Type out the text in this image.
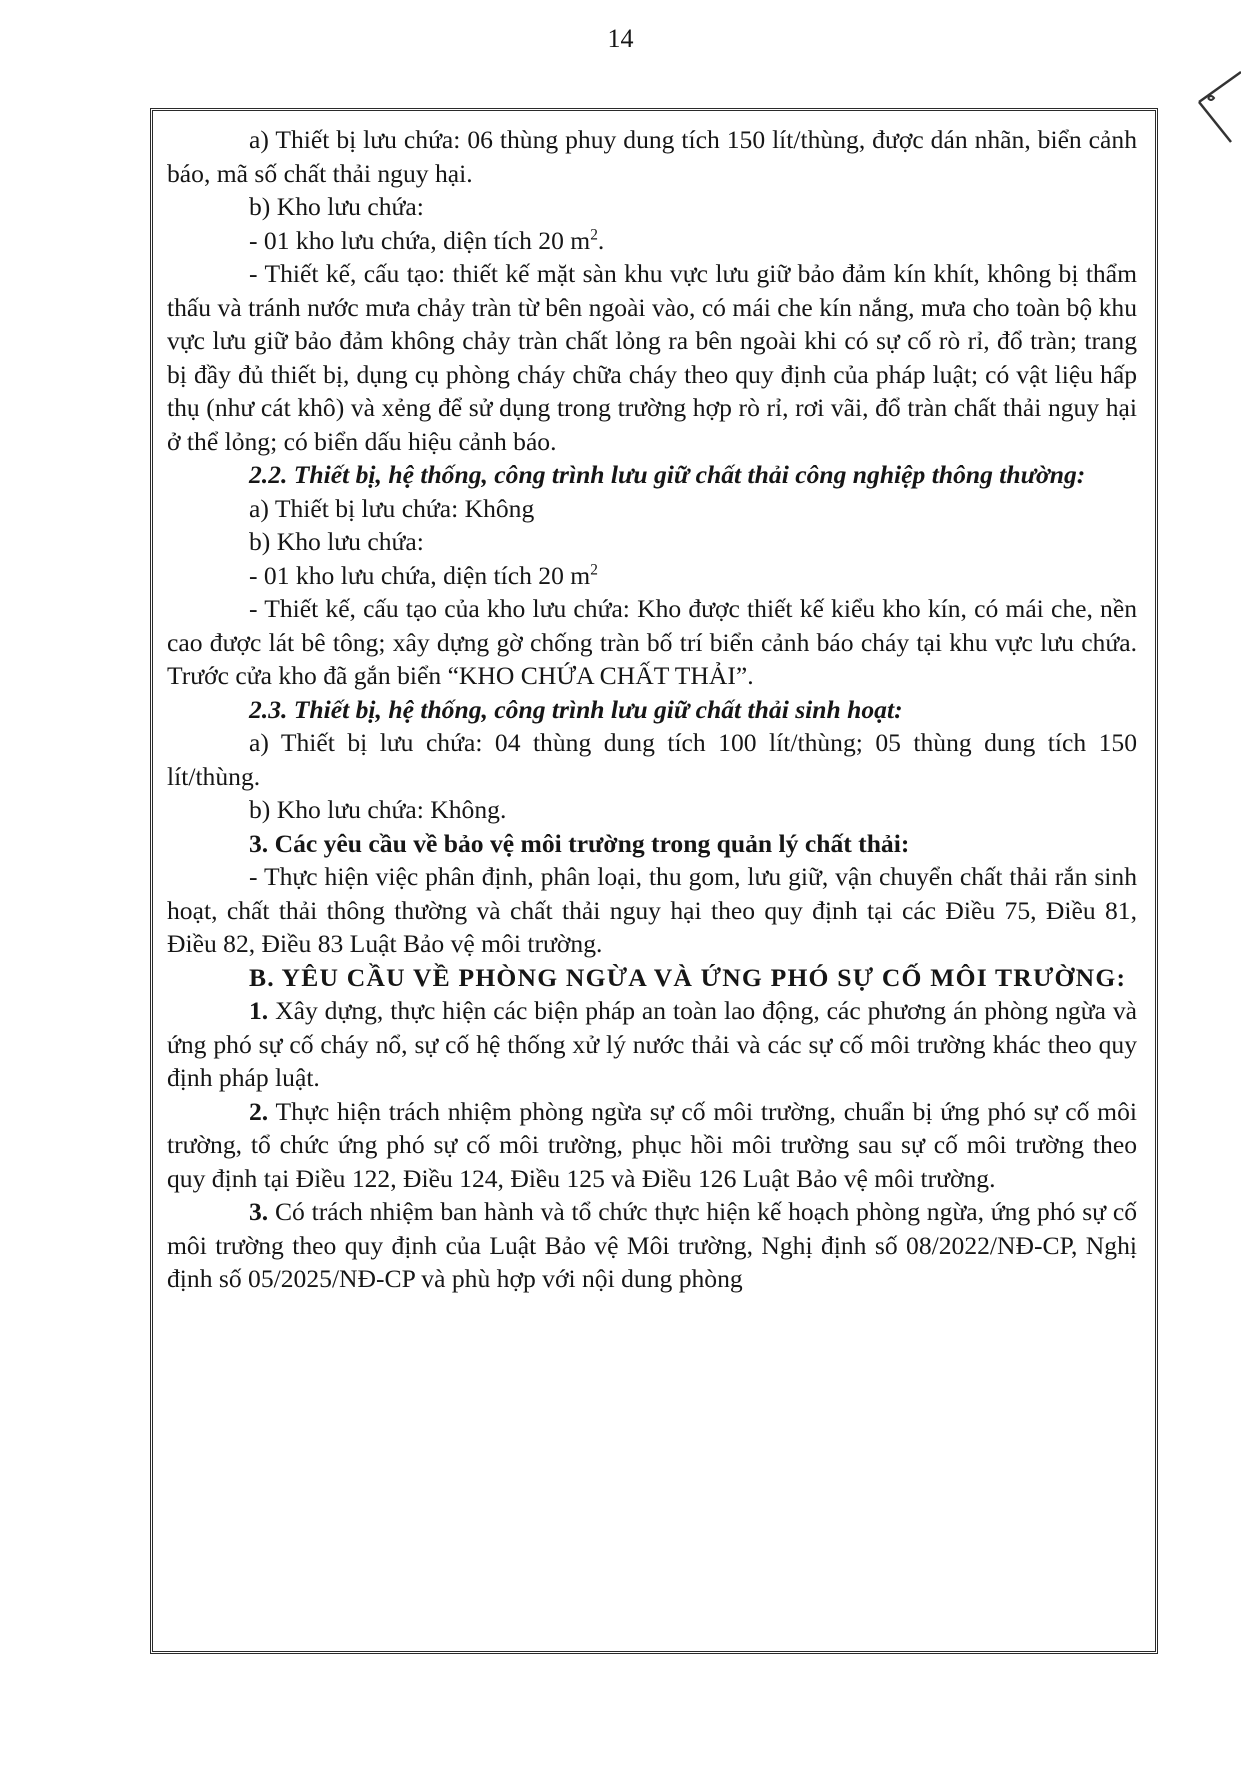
14

a) Thiết bị lưu chứa: 06 thùng phuy dung tích 150 lít/thùng, được dán nhãn, biển cảnh báo, mã số chất thải nguy hại.

b) Kho lưu chứa:

- 01 kho lưu chứa, diện tích 20 $m^2$.

- Thiết kế, cấu tạo: thiết kế mặt sàn khu vực lưu giữ bảo đảm kín khít, không bị thẩm thấu và tránh nước mưa chảy tràn từ bên ngoài vào, có mái che kín nắng, mưa cho toàn bộ khu vực lưu giữ bảo đảm không chảy tràn chất lỏng ra bên ngoài khi có sự cố rò rỉ, đổ tràn; trang bị đầy đủ thiết bị, dụng cụ phòng cháy chữa cháy theo quy định của pháp luật; có vật liệu hấp thụ (như cát khô) và xẻng để sử dụng trong trường hợp rò rỉ, rơi vãi, đổ tràn chất thải nguy hại ở thể lỏng; có biển dấu hiệu cảnh báo.

2.2. Thiết bị, hệ thống, công trình lưu giữ chất thải công nghiệp thông thường:

a) Thiết bị lưu chứa: Không

b) Kho lưu chứa:

- 01 kho lưu chứa, diện tích 20 $m^2$

- Thiết kế, cấu tạo của kho lưu chứa: Kho được thiết kế kiểu kho kín, có mái che, nền cao được lát bê tông; xây dựng gờ chống tràn bố trí biển cảnh báo cháy tại khu vực lưu chứa. Trước cửa kho đã gắn biển “KHO CHỨA CHẤT THẢI”.

2.3. Thiết bị, hệ thống, công trình lưu giữ chất thải sinh hoạt:

a) Thiết bị lưu chứa: 04 thùng dung tích 100 lít/thùng; 05 thùng dung tích 150 lít/thùng.

b) Kho lưu chứa: Không.

3. Các yêu cầu về bảo vệ môi trường trong quản lý chất thải:

- Thực hiện việc phân định, phân loại, thu gom, lưu giữ, vận chuyển chất thải rắn sinh hoạt, chất thải thông thường và chất thải nguy hại theo quy định tại các Điều 75, Điều 81, Điều 82, Điều 83 Luật Bảo vệ môi trường.

B. YÊU CẦU VỀ PHÒNG NGỪA VÀ ỨNG PHÓ SỰ CỐ MÔI TRƯỜNG:

1. Xây dựng, thực hiện các biện pháp an toàn lao động, các phương án phòng ngừa và ứng phó sự cố cháy nổ, sự cố hệ thống xử lý nước thải và các sự cố môi trường khác theo quy định pháp luật.

2. Thực hiện trách nhiệm phòng ngừa sự cố môi trường, chuẩn bị ứng phó sự cố môi trường, tổ chức ứng phó sự cố môi trường, phục hồi môi trường sau sự cố môi trường theo quy định tại Điều 122, Điều 124, Điều 125 và Điều 126 Luật Bảo vệ môi trường.

3. Có trách nhiệm ban hành và tổ chức thực hiện kế hoạch phòng ngừa, ứng phó sự cố môi trường theo quy định của Luật Bảo vệ Môi trường, Nghị định số 08/2022/NĐ-CP, Nghị định số 05/2025/NĐ-CP và phù hợp với nội dung phòng
